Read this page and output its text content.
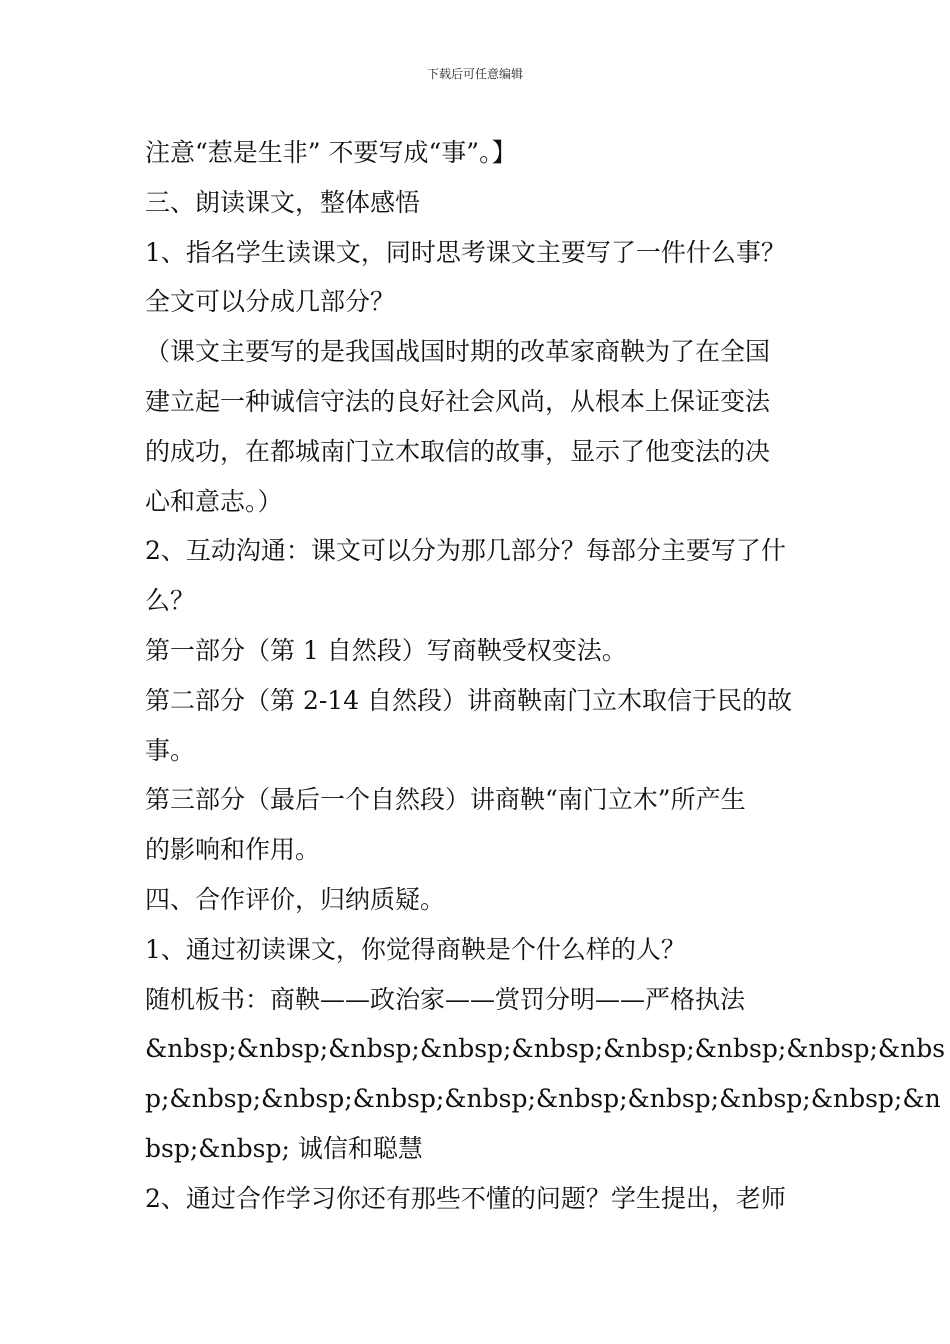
下载后可任意编辑
注意“惹是生非” 不要写成“事”。】
三、朗读课文，整体感悟
1、指名学生读课文，同时思考课文主要写了一件什么事？
全文可以分成几部分？
（课文主要写的是我国战国时期的改革家商鞅为了在全国
建立起一种诚信守法的良好社会风尚，从根本上保证变法
的成功，在都城南门立木取信的故事，显示了他变法的决
心和意志。）
2、互动沟通：课文可以分为那几部分？每部分主要写了什
么？
第一部分（第 1 自然段）写商鞅受权变法。
第二部分（第 2-14 自然段）讲商鞅南门立木取信于民的故
事。
第三部分（最后一个自然段）讲商鞅“南门立木”所产生
的影响和作用。
四、合作评价，归纳质疑。
1、通过初读课文，你觉得商鞅是个什么样的人？
随机板书：商鞅——政治家——赏罚分明——严格执法
&nbsp;&nbsp;&nbsp;&nbsp;&nbsp;&nbsp;&nbsp;&nbsp;&nbs
p;&nbsp;&nbsp;&nbsp;&nbsp;&nbsp;&nbsp;&nbsp;&nbsp;&n
bsp;&nbsp; 诚信和聪慧
2、通过合作学习你还有那些不懂的问题？学生提出，老师
